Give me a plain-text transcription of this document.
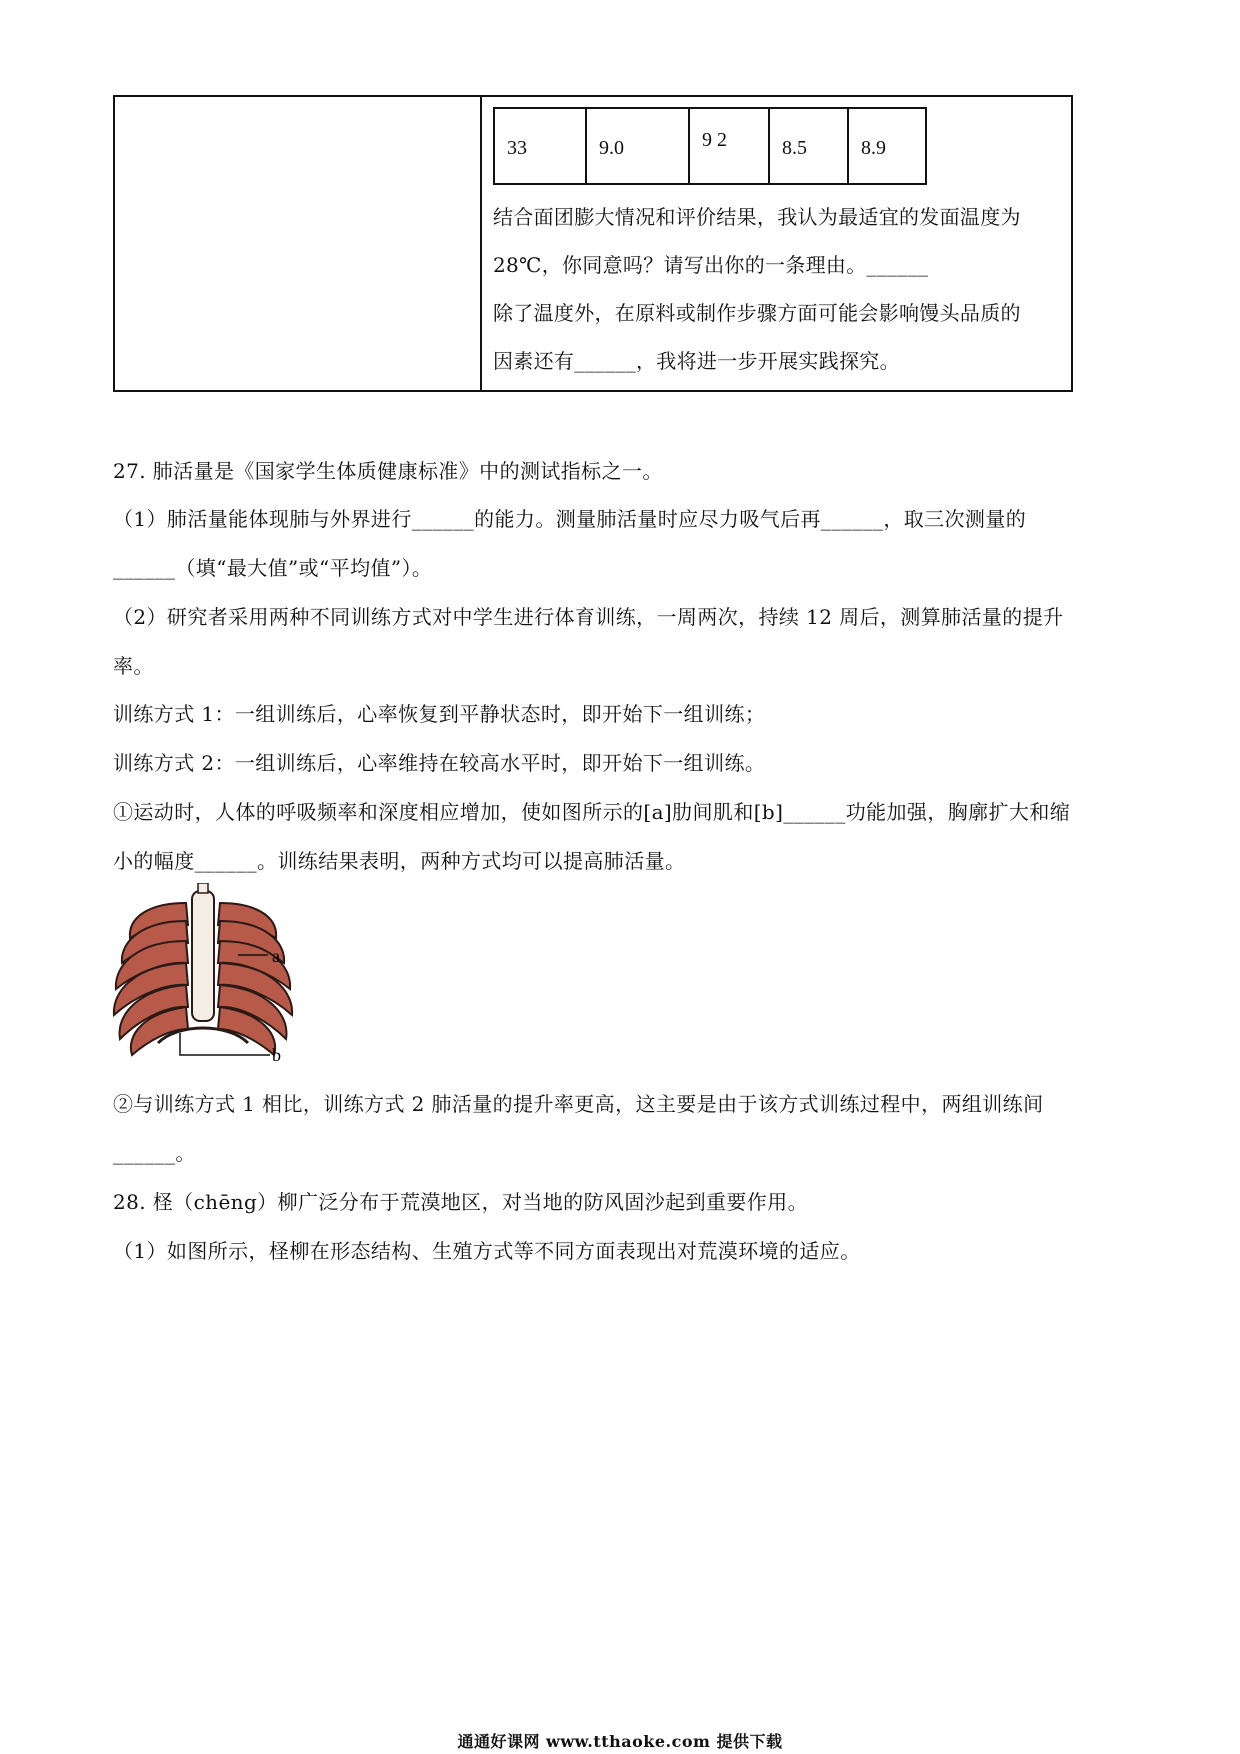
33	9.0	9 2	8.5	8.9
结合面团膨大情况和评价结果，我认为最适宜的发面温度为
28℃，你同意吗？请写出你的一条理由。______
除了温度外，在原料或制作步骤方面可能会影响馒头品质的
因素还有______，我将进一步开展实践探究。
27. 肺活量是《国家学生体质健康标准》中的测试指标之一。
（1）肺活量能体现肺与外界进行______的能力。测量肺活量时应尽力吸气后再______，取三次测量的
______（填“最大值”或“平均值”）。
（2）研究者采用两种不同训练方式对中学生进行体育训练，一周两次，持续 12 周后，测算肺活量的提升
率。
训练方式 1：一组训练后，心率恢复到平静状态时，即开始下一组训练；
训练方式 2：一组训练后，心率维持在较高水平时，即开始下一组训练。
①运动时，人体的呼吸频率和深度相应增加，使如图所示的[a]肋间肌和[b]______功能加强，胸廓扩大和缩
小的幅度______。训练结果表明，两种方式均可以提高肺活量。
a
b
②与训练方式 1 相比，训练方式 2 肺活量的提升率更高，这主要是由于该方式训练过程中，两组训练间
______。
28. 柽（chēng）柳广泛分布于荒漠地区，对当地的防风固沙起到重要作用。
（1）如图所示，柽柳在形态结构、生殖方式等不同方面表现出对荒漠环境的适应。
通通好课网 www.tthaoke.com 提供下载
